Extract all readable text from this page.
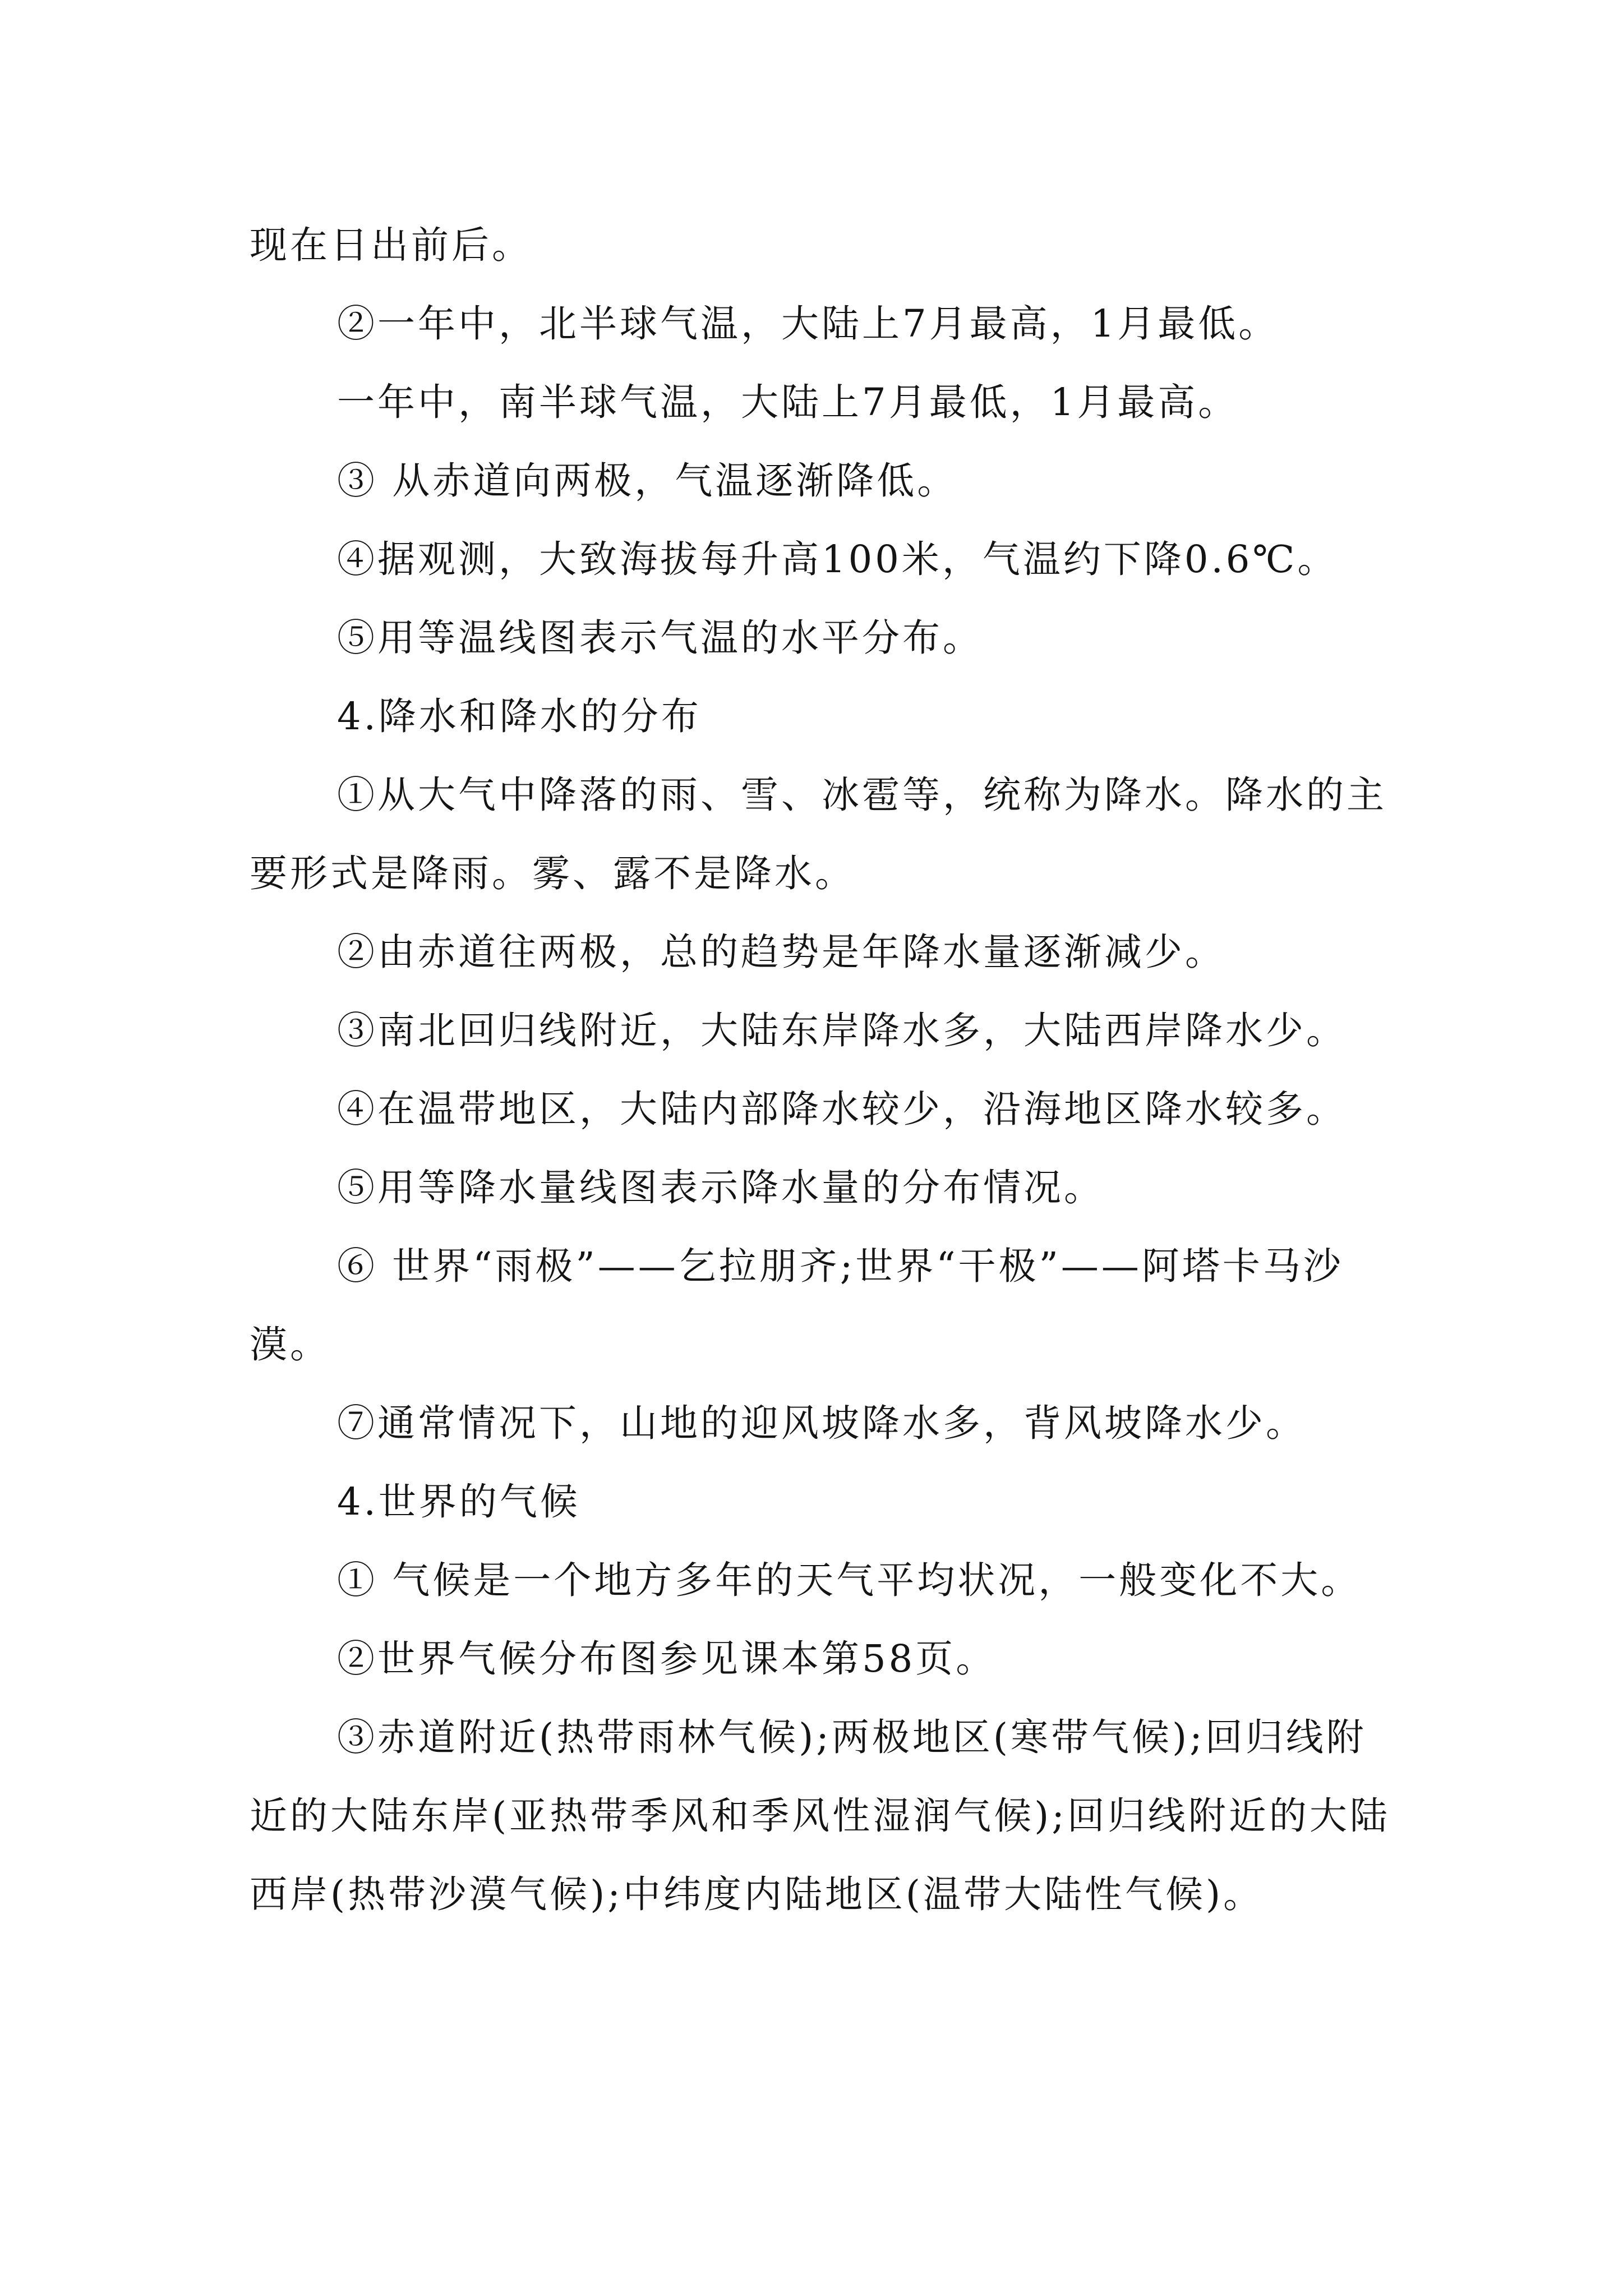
现在日出前后。

②一年中，北半球气温，大陆上7月最高，1月最低。

一年中，南半球气温，大陆上7月最低，1月最高。

③ 从赤道向两极，气温逐渐降低。

④据观测，大致海拔每升高100米，气温约下降0.6℃。

⑤用等温线图表示气温的水平分布。

4.降水和降水的分布

①从大气中降落的雨、雪、冰雹等，统称为降水。降水的主要形式是降雨。雾、露不是降水。

②由赤道往两极，总的趋势是年降水量逐渐减少。

③南北回归线附近，大陆东岸降水多，大陆西岸降水少。

④在温带地区，大陆内部降水较少，沿海地区降水较多。

⑤用等降水量线图表示降水量的分布情况。

⑥ 世界“雨极”——乞拉朋齐;世界“干极”——阿塔卡马沙漠。

⑦通常情况下，山地的迎风坡降水多，背风坡降水少。

4.世界的气候

① 气候是一个地方多年的天气平均状况，一般变化不大。

②世界气候分布图参见课本第58页。

③赤道附近(热带雨林气候);两极地区(寒带气候);回归线附近的大陆东岸(亚热带季风和季风性湿润气候);回归线附近的大陆西岸(热带沙漠气候);中纬度内陆地区(温带大陆性气候)。
